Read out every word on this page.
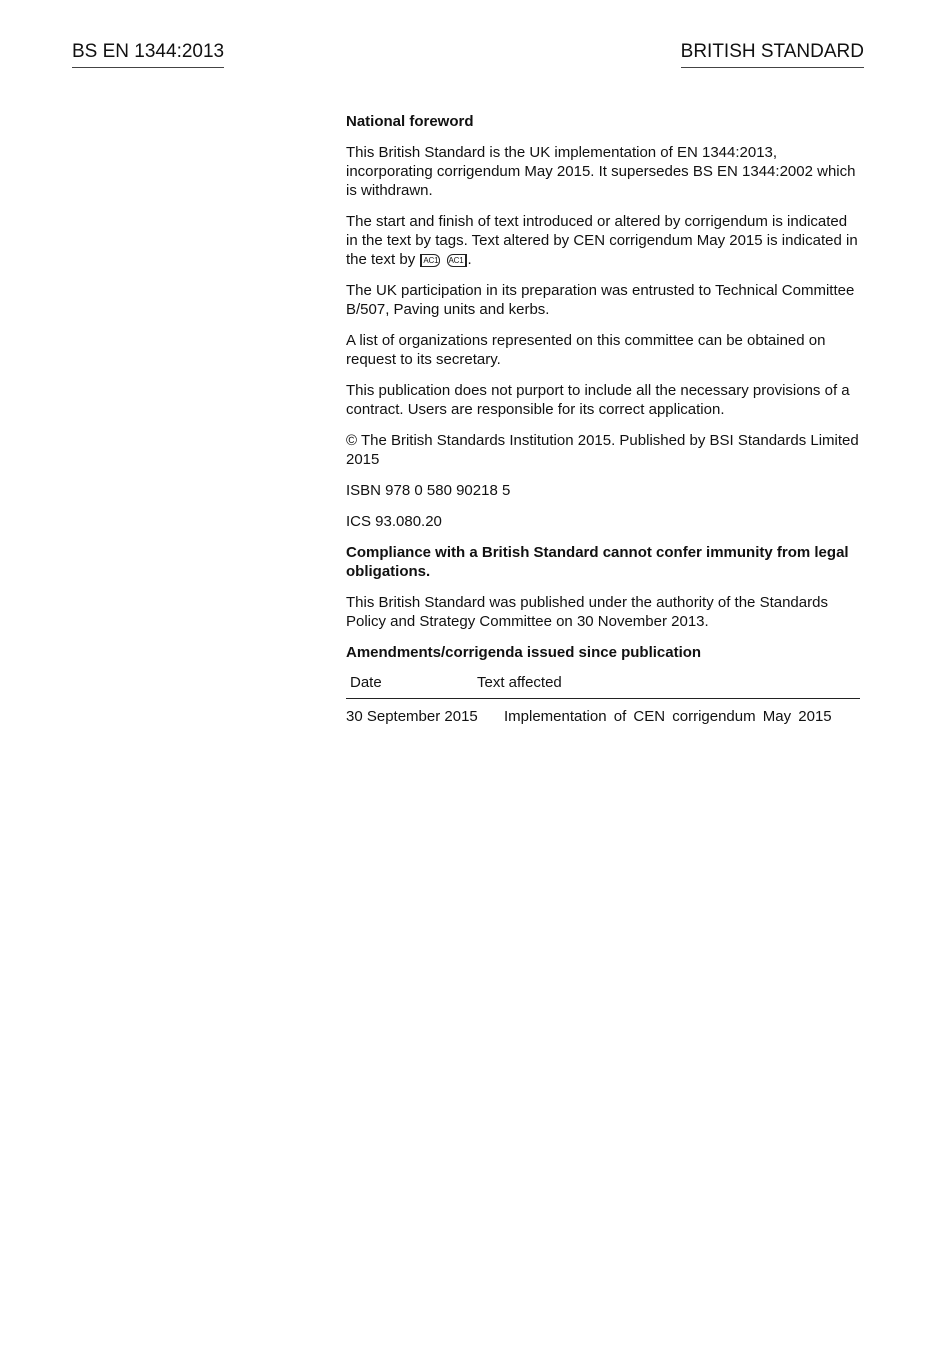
BS EN 1344:2013	BRITISH STANDARD

National foreword

This British Standard is the UK implementation of EN 1344:2013, incorporating corrigendum May 2015. It supersedes BS EN 1344:2002 which is withdrawn.

The start and finish of text introduced or altered by corrigendum is indicated in the text by tags. Text altered by CEN corrigendum May 2015 is indicated in the text by AC1 AC1 .

The UK participation in its preparation was entrusted to Technical Committee B/507, Paving units and kerbs.

A list of organizations represented on this committee can be obtained on request to its secretary.

This publication does not purport to include all the necessary provisions of a contract. Users are responsible for its correct application.

© The British Standards Institution 2015. Published by BSI Standards Limited 2015

ISBN 978 0 580 90218 5

ICS 93.080.20

Compliance with a British Standard cannot confer immunity from legal obligations.

This British Standard was published under the authority of the Standards Policy and Strategy Committee on 30 November 2013.

Amendments/corrigenda issued since publication

Date	Text affected
30 September 2015	Implementation of CEN corrigendum May 2015
